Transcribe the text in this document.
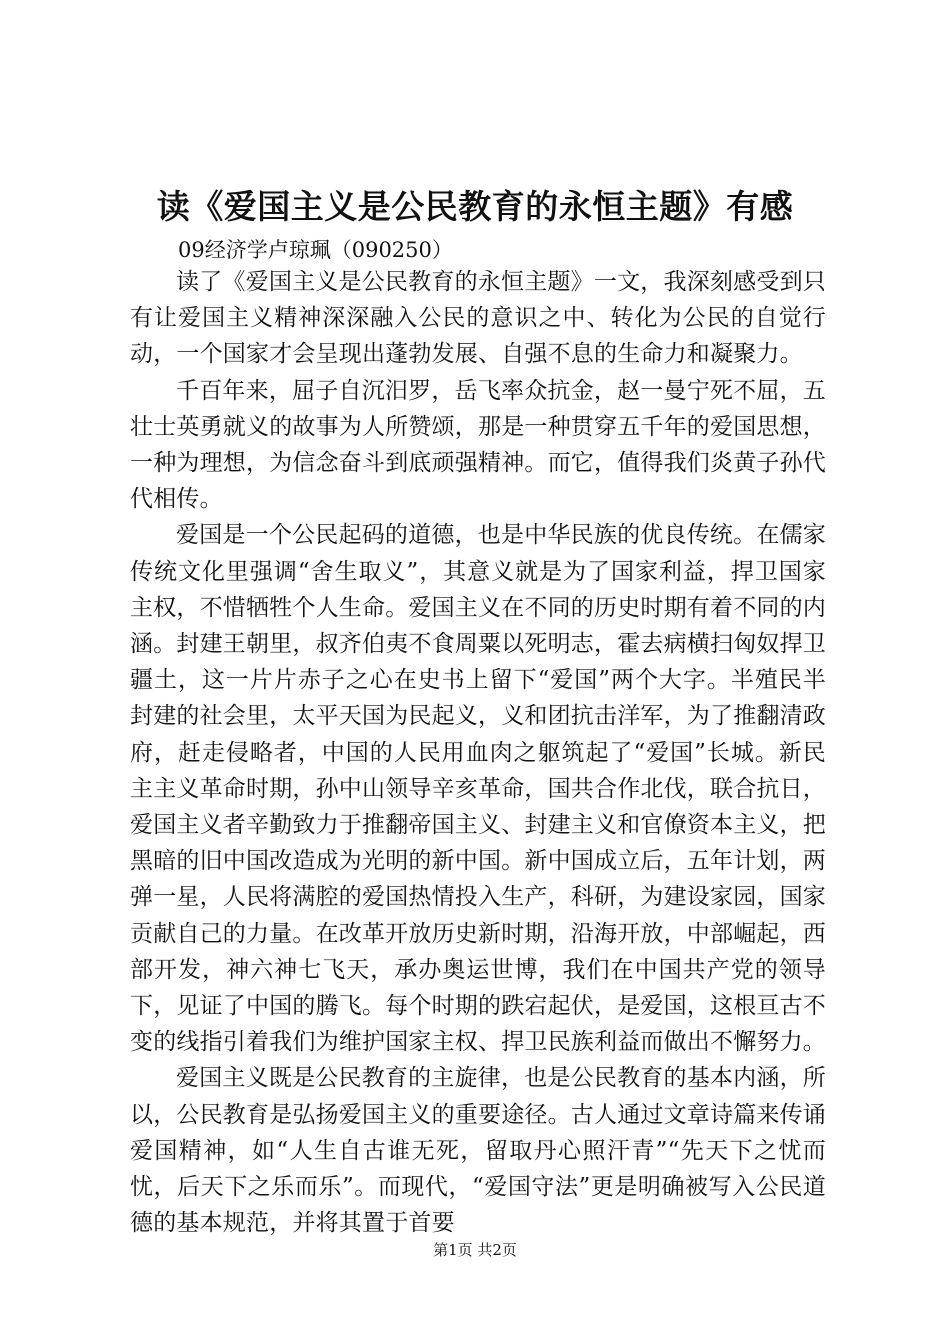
读《爱国主义是公民教育的永恒主题》有感
09经济学卢琼珮（090250）

读了《爱国主义是公民教育的永恒主题》一文，我深刻感受到只有让爱国主义精神深深融入公民的意识之中、转化为公民的自觉行动，一个国家才会呈现出蓬勃发展、自强不息的生命力和凝聚力。

千百年来，屈子自沉汨罗，岳飞率众抗金，赵一曼宁死不屈，五壮士英勇就义的故事为人所赞颂，那是一种贯穿五千年的爱国思想，一种为理想，为信念奋斗到底顽强精神。而它，值得我们炎黄子孙代代相传。

爱国是一个公民起码的道德，也是中华民族的优良传统。在儒家传统文化里强调“舍生取义”，其意义就是为了国家利益，捍卫国家主权，不惜牺牲个人生命。爱国主义在不同的历史时期有着不同的内涵。封建王朝里，叔齐伯夷不食周粟以死明志，霍去病横扫匈奴捍卫疆土，这一片片赤子之心在史书上留下“爱国”两个大字。半殖民半封建的社会里，太平天国为民起义，义和团抗击洋军，为了推翻清政府，赶走侵略者，中国的人民用血肉之躯筑起了“爱国”长城。新民主主义革命时期，孙中山领导辛亥革命，国共合作北伐，联合抗日，爱国主义者辛勤致力于推翻帝国主义、封建主义和官僚资本主义，把黑暗的旧中国改造成为光明的新中国。新中国成立后，五年计划，两弹一星，人民将满腔的爱国热情投入生产，科研，为建设家园，国家贡献自己的力量。在改革开放历史新时期，沿海开放，中部崛起，西部开发，神六神七飞天，承办奥运世博，我们在中国共产党的领导下，见证了中国的腾飞。每个时期的跌宕起伏，是爱国，这根亘古不变的线指引着我们为维护国家主权、捍卫民族利益而做出不懈努力。

爱国主义既是公民教育的主旋律，也是公民教育的基本内涵，所以，公民教育是弘扬爱国主义的重要途径。古人通过文章诗篇来传诵爱国精神，如“人生自古谁无死，留取丹心照汗青”“先天下之忧而忧，后天下之乐而乐”。而现代，“爱国守法”更是明确被写入公民道德的基本规范，并将其置于首要

第1页 共2页
